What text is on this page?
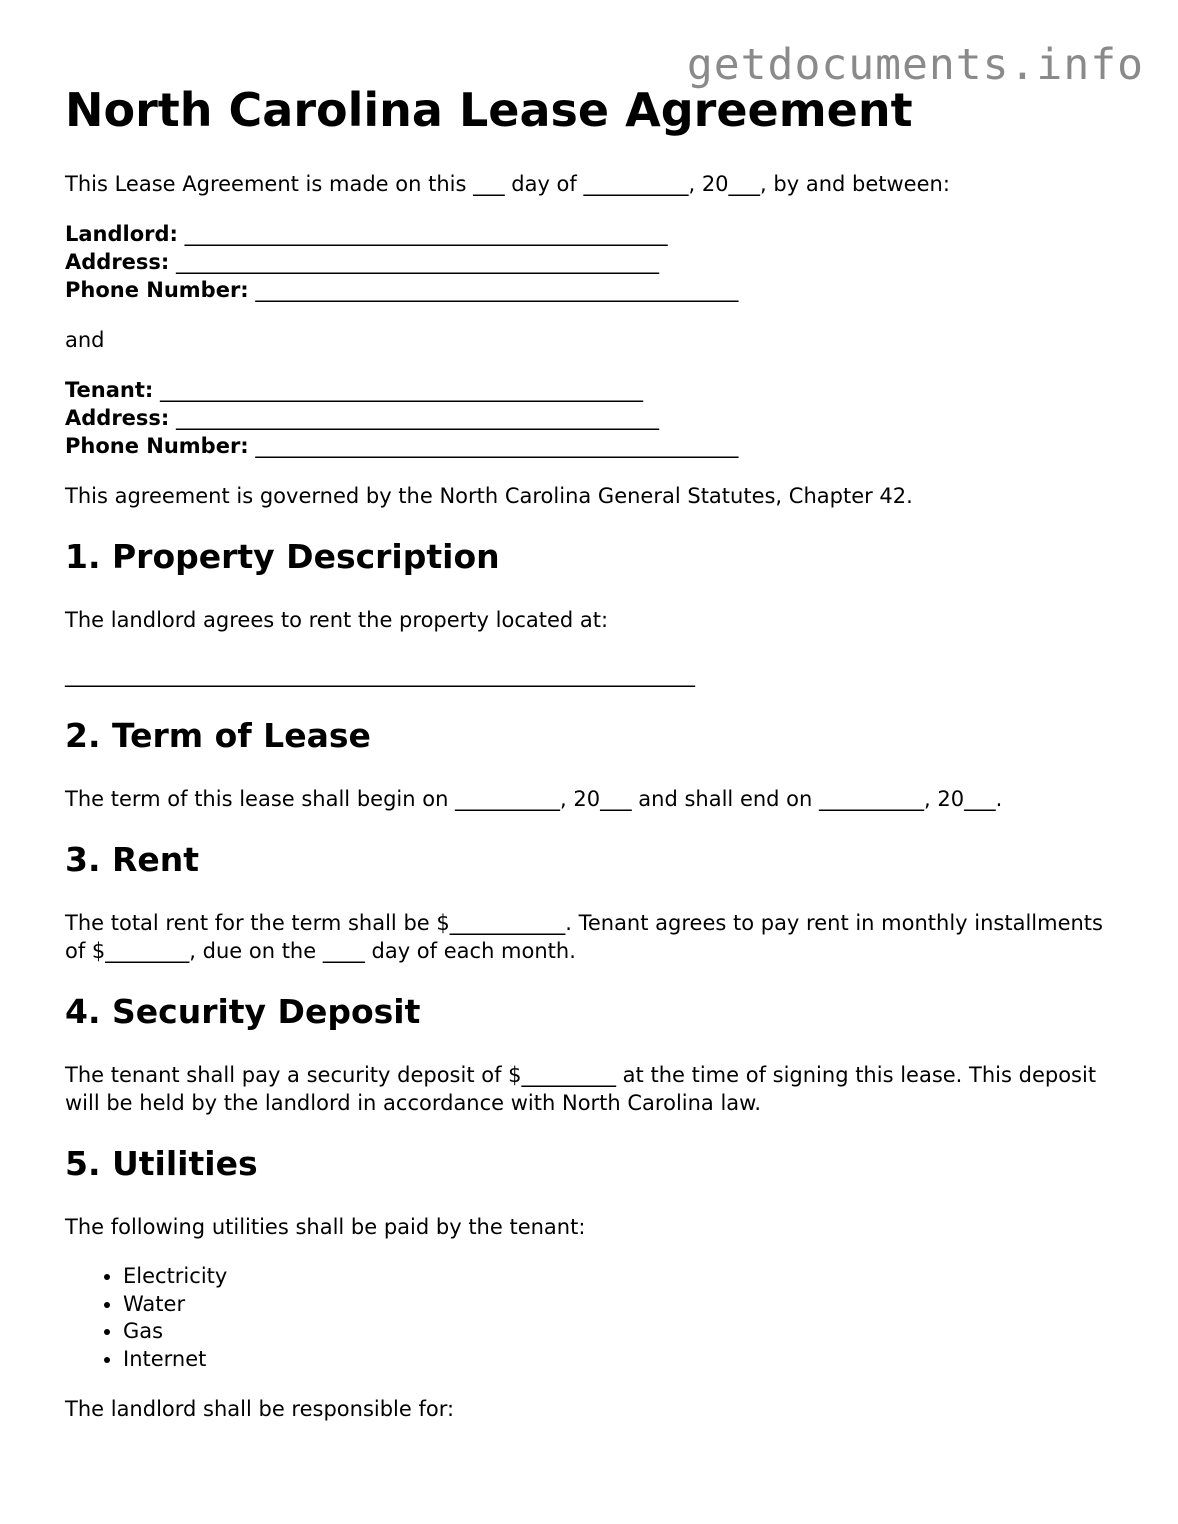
getdocuments.info
North Carolina Lease Agreement

This Lease Agreement is made on this ___ day of __________, 20___, by and between:

Landlord: ______________________________________________
Address: ______________________________________________
Phone Number: ______________________________________________

and

Tenant: ______________________________________________
Address: ______________________________________________
Phone Number: ______________________________________________

This agreement is governed by the North Carolina General Statutes, Chapter 42.

1. Property Description

The landlord agrees to rent the property located at:

____________________________________________________________

2. Term of Lease

The term of this lease shall begin on __________, 20___ and shall end on __________, 20___.

3. Rent

The total rent for the term shall be $___________. Tenant agrees to pay rent in monthly installments of $________, due on the ____ day of each month.

4. Security Deposit

The tenant shall pay a security deposit of $_________ at the time of signing this lease. This deposit will be held by the landlord in accordance with North Carolina law.

5. Utilities

The following utilities shall be paid by the tenant:

• Electricity
• Water
• Gas
• Internet

The landlord shall be responsible for:
